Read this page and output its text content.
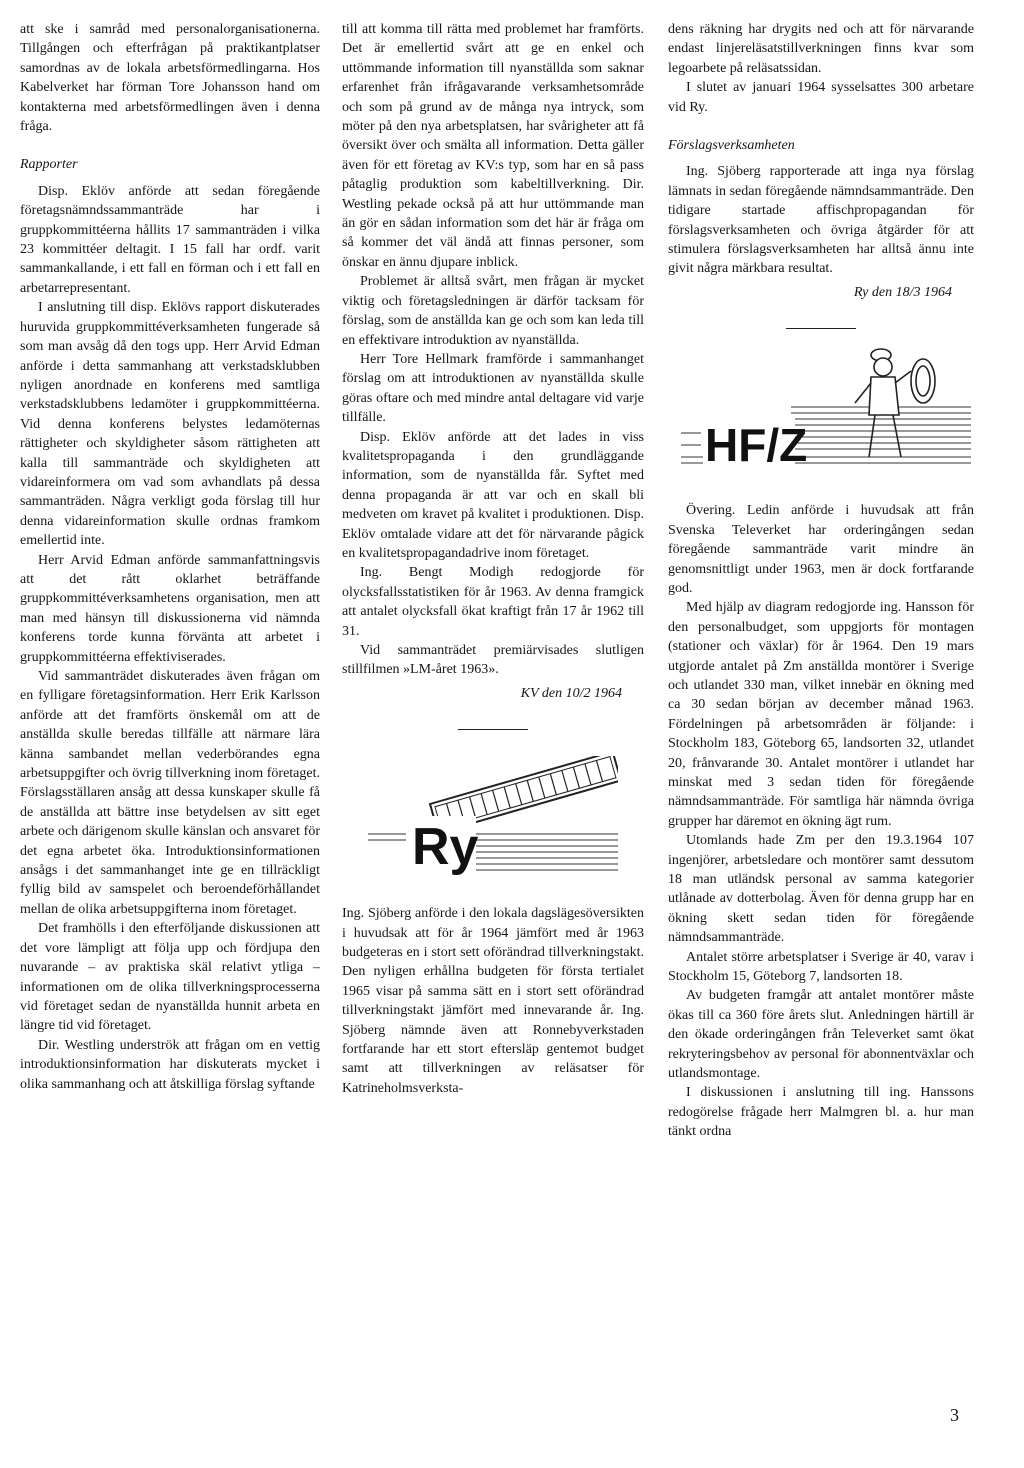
att ske i samråd med personalorganisationerna. Tillgången och efterfrågan på praktikantplatser samordnas av de lokala arbetsförmedlingarna. Hos Kabelverket har förman Tore Johansson hand om kontakterna med arbetsförmedlingen även i denna fråga.

Rapporter

Disp. Eklöv anförde att sedan föregående företagsnämndssammanträde har i gruppkommittéerna hållits 17 sammanträden i vilka 23 kommittéer deltagit. I 15 fall har ordf. varit sammankallande, i ett fall en förman och i ett fall en arbetarrepresentant.

I anslutning till disp. Eklövs rapport diskuterades huruvida gruppkommittéverksamheten fungerade så som man avsåg då den togs upp. Herr Arvid Edman anförde i detta sammanhang att verkstadsklubben nyligen anordnade en konferens med samtliga verkstadsklubbens ledamöter i gruppkommittéerna. Vid denna konferens belystes ledamöternas rättigheter och skyldigheter såsom rättigheten att kalla till sammanträde och skyldigheten att vidareinformera om vad som avhandlats på dessa sammanträden. Några verkligt goda förslag till hur denna vidareinformation skulle ordnas framkom emellertid inte.

Herr Arvid Edman anförde sammanfattningsvis att det rått oklarhet beträffande gruppkommittéverksamhetens organisation, men att man med hänsyn till diskussionerna vid nämnda konferens torde kunna förvänta att arbetet i gruppkommittéerna effektiviserades.

Vid sammanträdet diskuterades även frågan om en fylligare företagsinformation. Herr Erik Karlsson anförde att det framförts önskemål om att de anställda skulle beredas tillfälle att närmare lära känna sambandet mellan vederbörandes egna arbetsuppgifter och övrig tillverkning inom företaget. Förslagsställaren ansåg att dessa kunskaper skulle få de anställda att bättre inse betydelsen av sitt eget arbete och därigenom skulle känslan och ansvaret för det egna arbetet öka. Introduktionsinformationen ansågs i det sammanhanget inte ge en tillräckligt fyllig bild av samspelet och beroendeförhållandet mellan de olika arbetsuppgifterna inom företaget.

Det framhölls i den efterföljande diskussionen att det vore lämpligt att följa upp och fördjupa den nuvarande – av praktiska skäl relativt ytliga – informationen om de olika tillverkningsprocesserna vid företaget sedan de nyanställda hunnit arbeta en längre tid vid företaget.

Dir. Westling underströk att frågan om en vettig introduktionsinformation har diskuterats mycket i olika sammanhang och att åtskilliga förslag syftande

till att komma till rätta med problemet har framförts. Det är emellertid svårt att ge en enkel och uttömmande information till nyanställda som saknar erfarenhet från ifrågavarande verksamhetsområde och som på grund av de många nya intryck, som möter på den nya arbetsplatsen, har svårigheter att få översikt över och smälta all information. Detta gäller även för ett företag av KV:s typ, som har en så pass påtaglig produktion som kabeltillverkning. Dir. Westling pekade också på att hur uttömmande man än gör en sådan information som det här är fråga om så kommer det väl ändå att finnas personer, som önskar en ännu djupare inblick.

Problemet är alltså svårt, men frågan är mycket viktig och företagsledningen är därför tacksam för förslag, som de anställda kan ge och som kan leda till en effektivare introduktion av nyanställda.

Herr Tore Hellmark framförde i sammanhanget förslag om att introduktionen av nyanställda skulle göras oftare och med mindre antal deltagare vid varje tillfälle.

Disp. Eklöv anförde att det lades in viss kvalitetspropaganda i den grundläggande information, som de nyanställda får. Syftet med denna propaganda är att var och en skall bli medveten om kravet på kvalitet i produktionen. Disp. Eklöv omtalade vidare att det för närvarande pågick en kvalitetspropagandadrive inom företaget.

Ing. Bengt Modigh redogjorde för olycksfallsstatistiken för år 1963. Av denna framgick att antalet olycksfall ökat kraftigt från 17 år 1962 till 31.

Vid sammanträdet premiärvisades slutligen stillfilmen »LM-året 1963».

KV den 10/2 1964

Ry

Ing. Sjöberg anförde i den lokala dagslägesöversikten i huvudsak att för år 1964 jämfört med år 1963 budgeteras en i stort sett oförändrad tillverkningstakt. Den nyligen erhållna budgeten för första tertialet 1965 visar på samma sätt en i stort sett oförändrad tillverkningstakt jämfört med innevarande år. Ing. Sjöberg nämnde även att Ronnebyverkstaden fortfarande har ett stort eftersläp gentemot budget samt att tillverkningen av reläsatser för Katrineholmsverksta-

dens räkning har drygits ned och att för närvarande endast linjereläsatstillverkningen finns kvar som legoarbete på reläsatssidan.

I slutet av januari 1964 sysselsattes 300 arbetare vid Ry.

Förslagsverksamheten

Ing. Sjöberg rapporterade att inga nya förslag lämnats in sedan föregående nämndsammanträde. Den tidigare startade affischpropagandan för förslagsverksamheten och övriga åtgärder för att stimulera förslagsverksamheten har alltså ännu inte givit några märkbara resultat.

Ry den 18/3 1964

HF/Z

Övering. Ledin anförde i huvudsak att från Svenska Televerket har orderingången sedan föregående sammanträde varit mindre än genomsnittligt under 1963, men är dock fortfarande god.

Med hjälp av diagram redogjorde ing. Hansson för den personalbudget, som uppgjorts för montagen (stationer och växlar) för år 1964. Den 19 mars utgjorde antalet på Zm anställda montörer i Sverige och utlandet 330 man, vilket innebär en ökning med ca 30 sedan början av december månad 1963. Fördelningen på arbetsområden är följande: i Stockholm 183, Göteborg 65, landsorten 32, utlandet 20, frånvarande 30. Antalet montörer i utlandet har minskat med 3 sedan tiden för föregående nämndsammanträde. För samtliga här nämnda övriga grupper har däremot en ökning ägt rum.

Utomlands hade Zm per den 19.3.1964 107 ingenjörer, arbetsledare och montörer samt dessutom 18 man utländsk personal av samma kategorier utlånade av dotterbolag. Även för denna grupp har en ökning skett sedan tiden för föregående nämndsammanträde.

Antalet större arbetsplatser i Sverige är 40, varav i Stockholm 15, Göteborg 7, landsorten 18.

Av budgeten framgår att antalet montörer måste ökas till ca 360 före årets slut. Anledningen härtill är den ökade orderingången från Televerket samt ökat rekryteringsbehov av personal för abonnentväxlar och utlandsmontage.

I diskussionen i anslutning till ing. Hanssons redogörelse frågade herr Malmgren bl. a. hur man tänkt ordna

3
